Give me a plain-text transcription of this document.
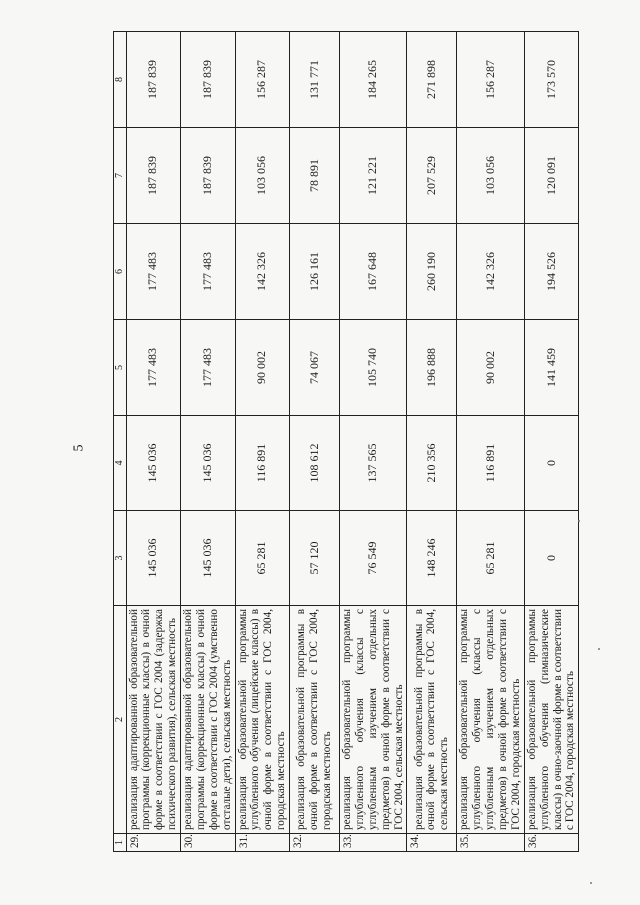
5
1	2	3	4	5	6	7	8
29.	реализация адаптированной образовательной программы (коррекционные классы) в очной форме в соответствии с ГОС 2004 (задержка психического развития), сельская местность	145 036	145 036	177 483	177 483	187 839	187 839
30.	реализация адаптированной образовательной программы (коррекционные классы) в очной форме в соответствии с ГОС 2004 (умственно отсталые дети), сельская местность	145 036	145 036	177 483	177 483	187 839	187 839
31.	реализация образовательной программы углубленного обучения (лицейские классы) в очной форме в соответствии с ГОС 2004, городская местность	65 281	116 891	90 002	142 326	103 056	156 287
32.	реализация образовательной программы в очной форме в соответствии с ГОС 2004, городская местность	57 120	108 612	74 067	126 161	78 891	131 771
33.	реализация образовательной программы углубленного обучения (классы с углубленным изучением отдельных предметов) в очной форме в соответствии с ГОС 2004, сельская местность	76 549	137 565	105 740	167 648	121 221	184 265
34.	реализация образовательной программы в очной форме в соответствии с ГОС 2004, сельская местность	148 246	210 356	196 888	260 190	207 529	271 898
35.	реализация образовательной программы углубленного обучения (классы с углубленным изучением отдельных предметов) в очной форме в соответствии с ГОС 2004, городская местность	65 281	116 891	90 002	142 326	103 056	156 287
36.	реализация образовательной программы углубленного обучения (гимназические классы) в очно-заочной форме в соответствии с ГОС 2004, городская местность	0	0	141 459	194 526	120 091	173 570
